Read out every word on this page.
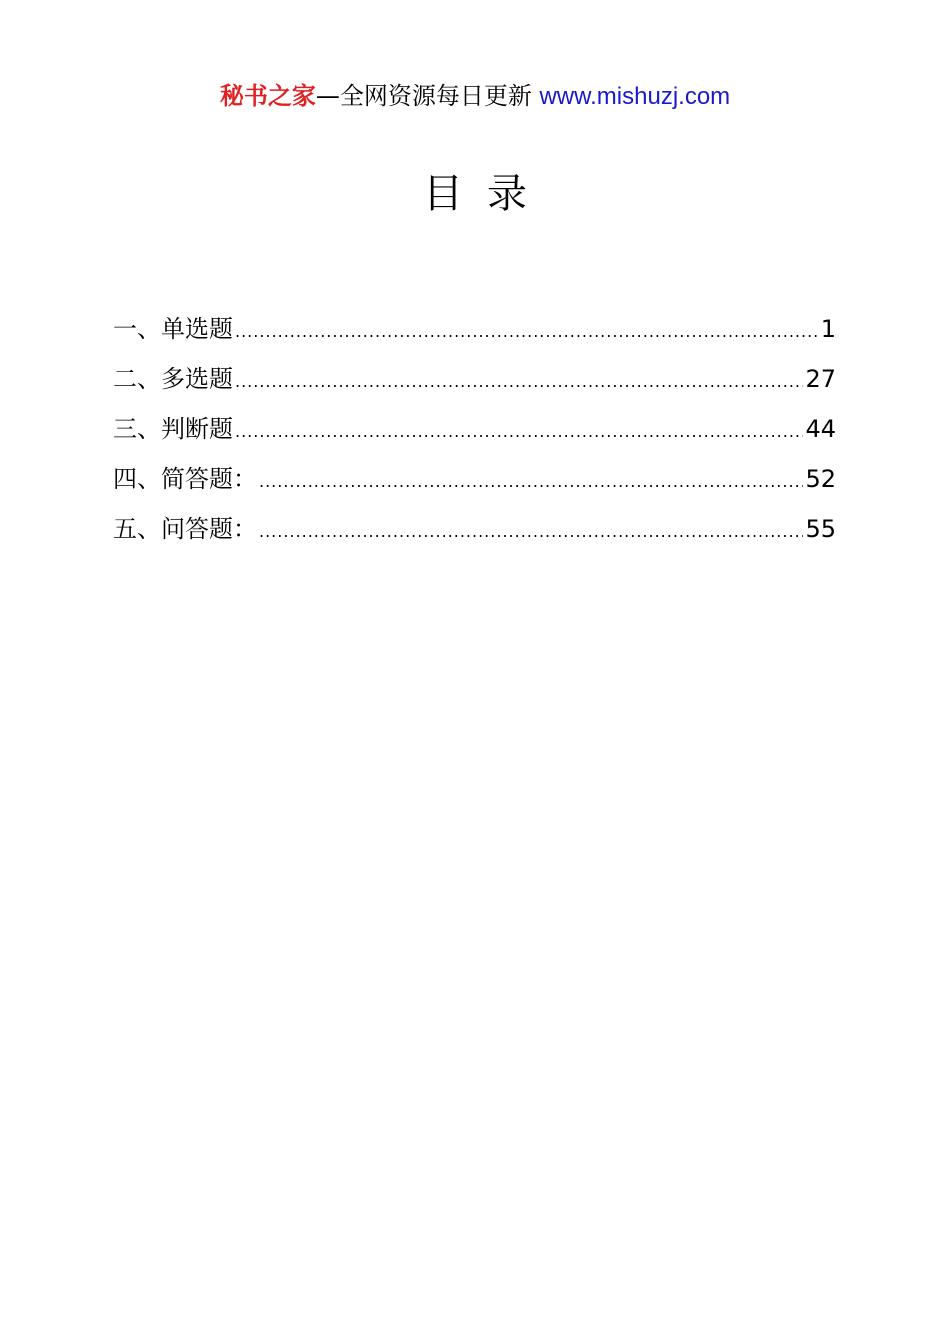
秘书之家—全网资源每日更新 www.mishuzj.com
目录
一、单选题 .....	1
二、多选题 .....	27
三、判断题 .....	44
四、简答题： .....	52
五、问答题： .....	55
